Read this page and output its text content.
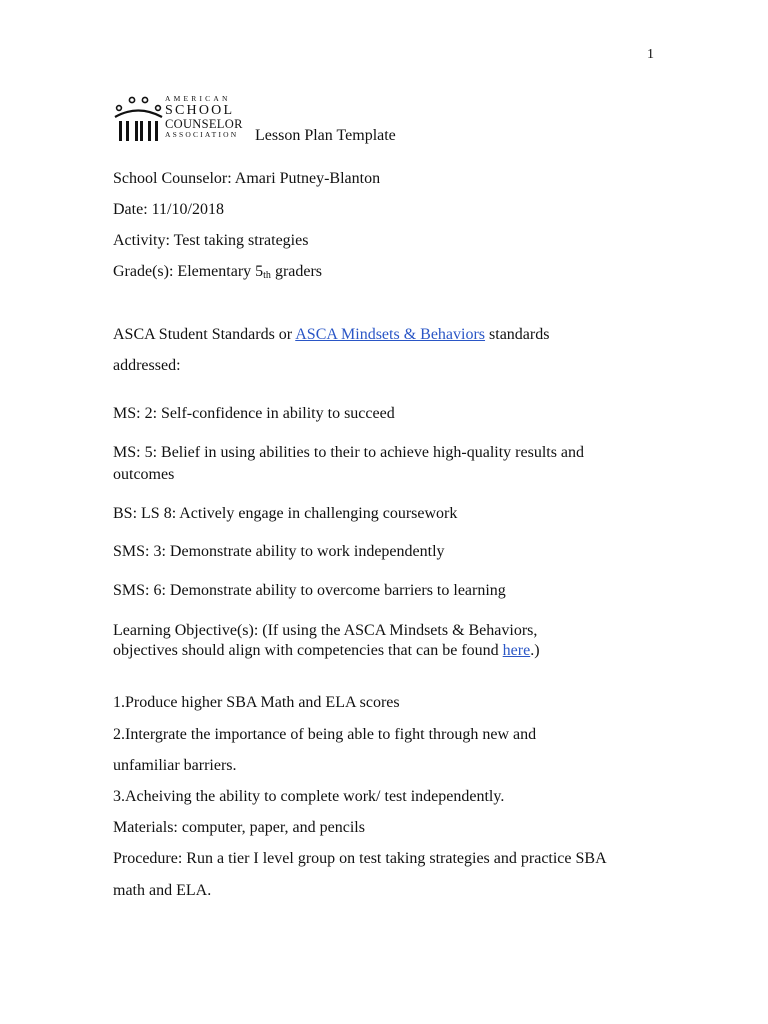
1
AMERICAN
SCHOOL
COUNSELOR
ASSOCIATION Lesson Plan Template
School Counselor: Amari Putney-Blanton
Date: 11/10/2018
Activity: Test taking strategies
Grade(s): Elementary $5_{th}$ graders
ASCA Student Standards or ASCA Mindsets & Behaviors standards
addressed:
MS: 2: Self-confidence in ability to succeed
MS: 5: Belief in using abilities to their to achieve high-quality results and
outcomes
BS: LS 8: Actively engage in challenging coursework
SMS: 3: Demonstrate ability to work independently
SMS: 6: Demonstrate ability to overcome barriers to learning
Learning Objective(s): (If using the ASCA Mindsets & Behaviors,
objectives should align with competencies that can be found here.)
1.Produce higher SBA Math and ELA scores
2.Intergrate the importance of being able to fight through new and
unfamiliar barriers.
3.Acheiving the ability to complete work/ test independently.
Materials: computer, paper, and pencils
Procedure: Run a tier I level group on test taking strategies and practice SBA
math and ELA.
